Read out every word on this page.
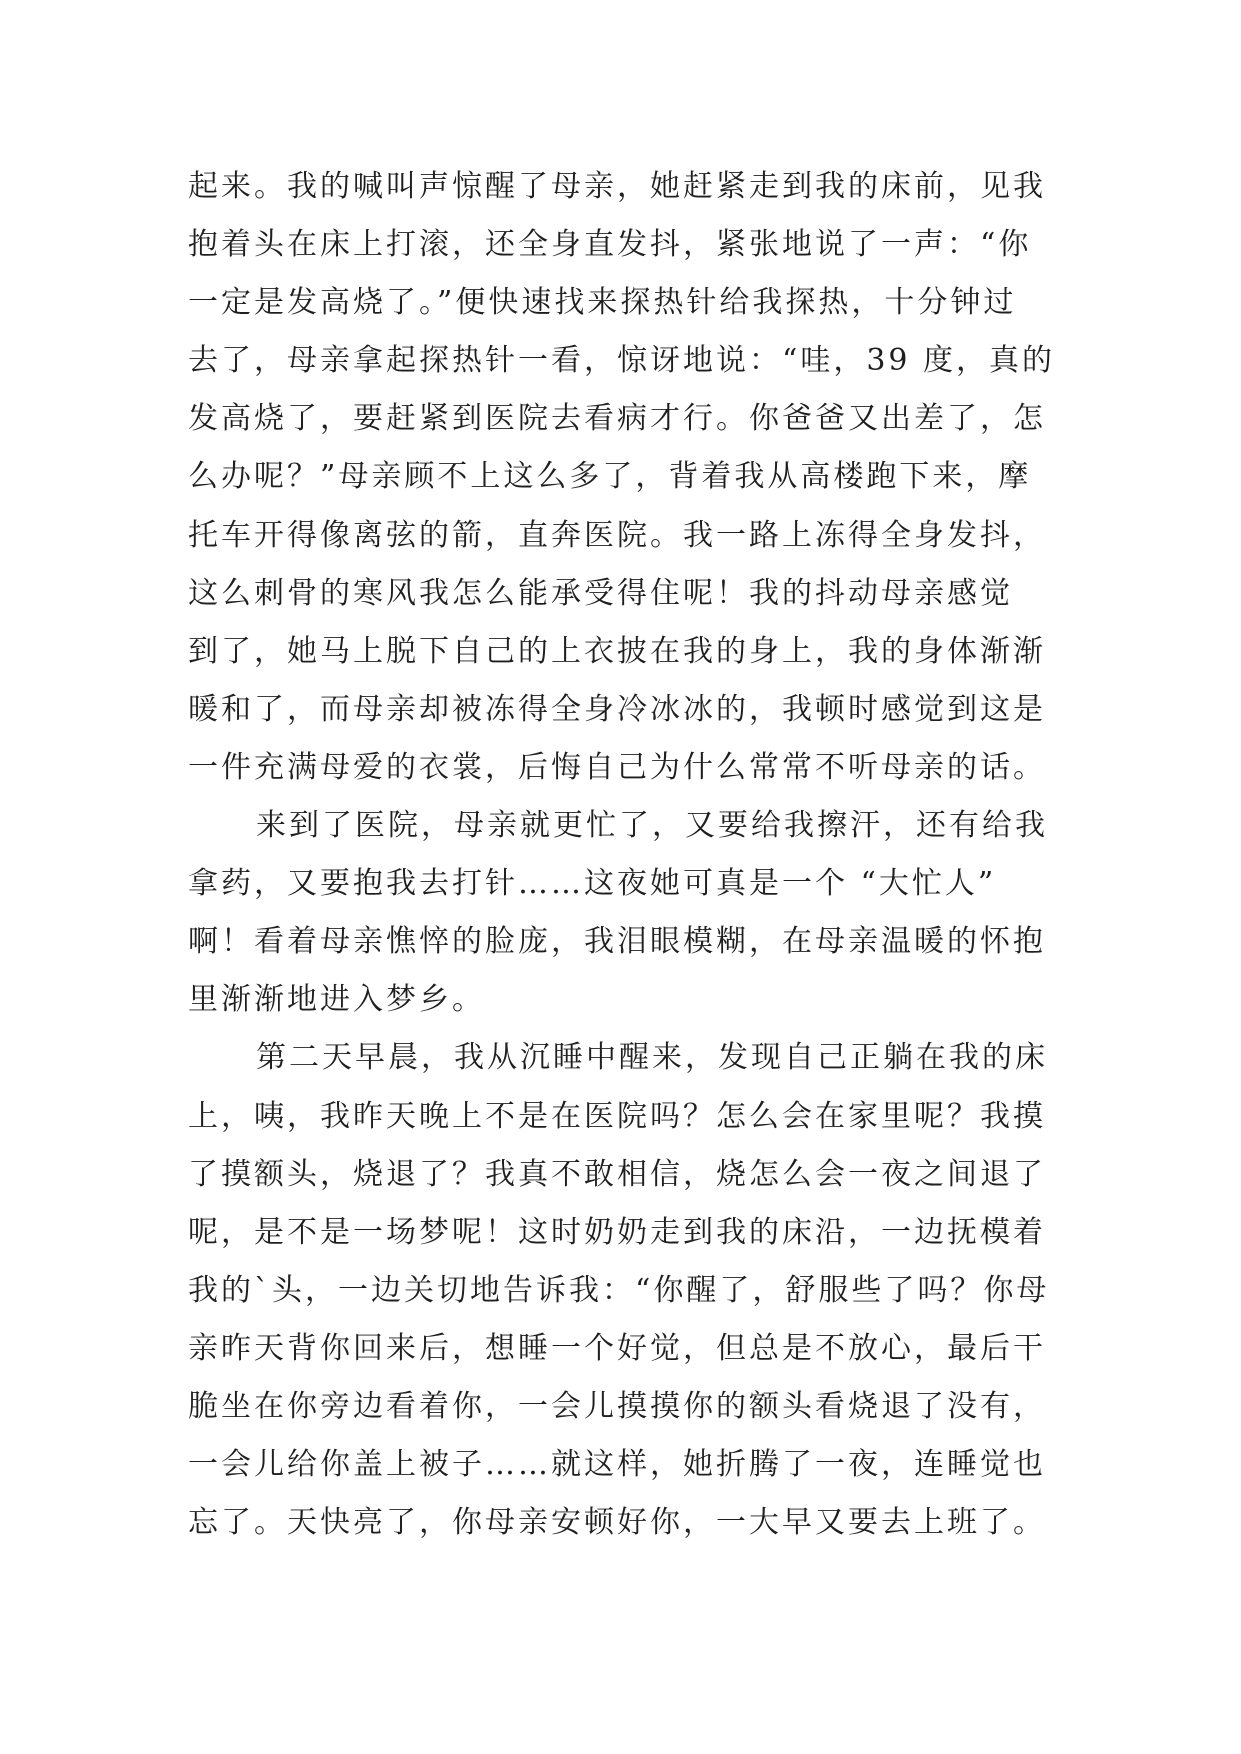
起来。我的喊叫声惊醒了母亲，她赶紧走到我的床前，见我
抱着头在床上打滚，还全身直发抖，紧张地说了一声：“你
一定是发高烧了。”便快速找来探热针给我探热，十分钟过
去了，母亲拿起探热针一看，惊讶地说：“哇，39 度，真的
发高烧了，要赶紧到医院去看病才行。你爸爸又出差了，怎
么办呢？”母亲顾不上这么多了，背着我从高楼跑下来，摩
托车开得像离弦的箭，直奔医院。我一路上冻得全身发抖，
这么刺骨的寒风我怎么能承受得住呢！我的抖动母亲感觉
到了，她马上脱下自己的上衣披在我的身上，我的身体渐渐
暖和了，而母亲却被冻得全身冷冰冰的，我顿时感觉到这是
一件充满母爱的衣裳，后悔自己为什么常常不听母亲的话。
来到了医院，母亲就更忙了，又要给我擦汗，还有给我
拿药，又要抱我去打针……这夜她可真是一个 “大忙人”
啊！看着母亲憔悴的脸庞，我泪眼模糊，在母亲温暖的怀抱
里渐渐地进入梦乡。
第二天早晨，我从沉睡中醒来，发现自己正躺在我的床
上，咦，我昨天晚上不是在医院吗？怎么会在家里呢？我摸
了摸额头，烧退了？我真不敢相信，烧怎么会一夜之间退了
呢，是不是一场梦呢！这时奶奶走到我的床沿，一边抚模着
我的`头，一边关切地告诉我：“你醒了，舒服些了吗？你母
亲昨天背你回来后，想睡一个好觉，但总是不放心，最后干
脆坐在你旁边看着你，一会儿摸摸你的额头看烧退了没有，
一会儿给你盖上被子……就这样，她折腾了一夜，连睡觉也
忘了。天快亮了，你母亲安顿好你，一大早又要去上班了。
